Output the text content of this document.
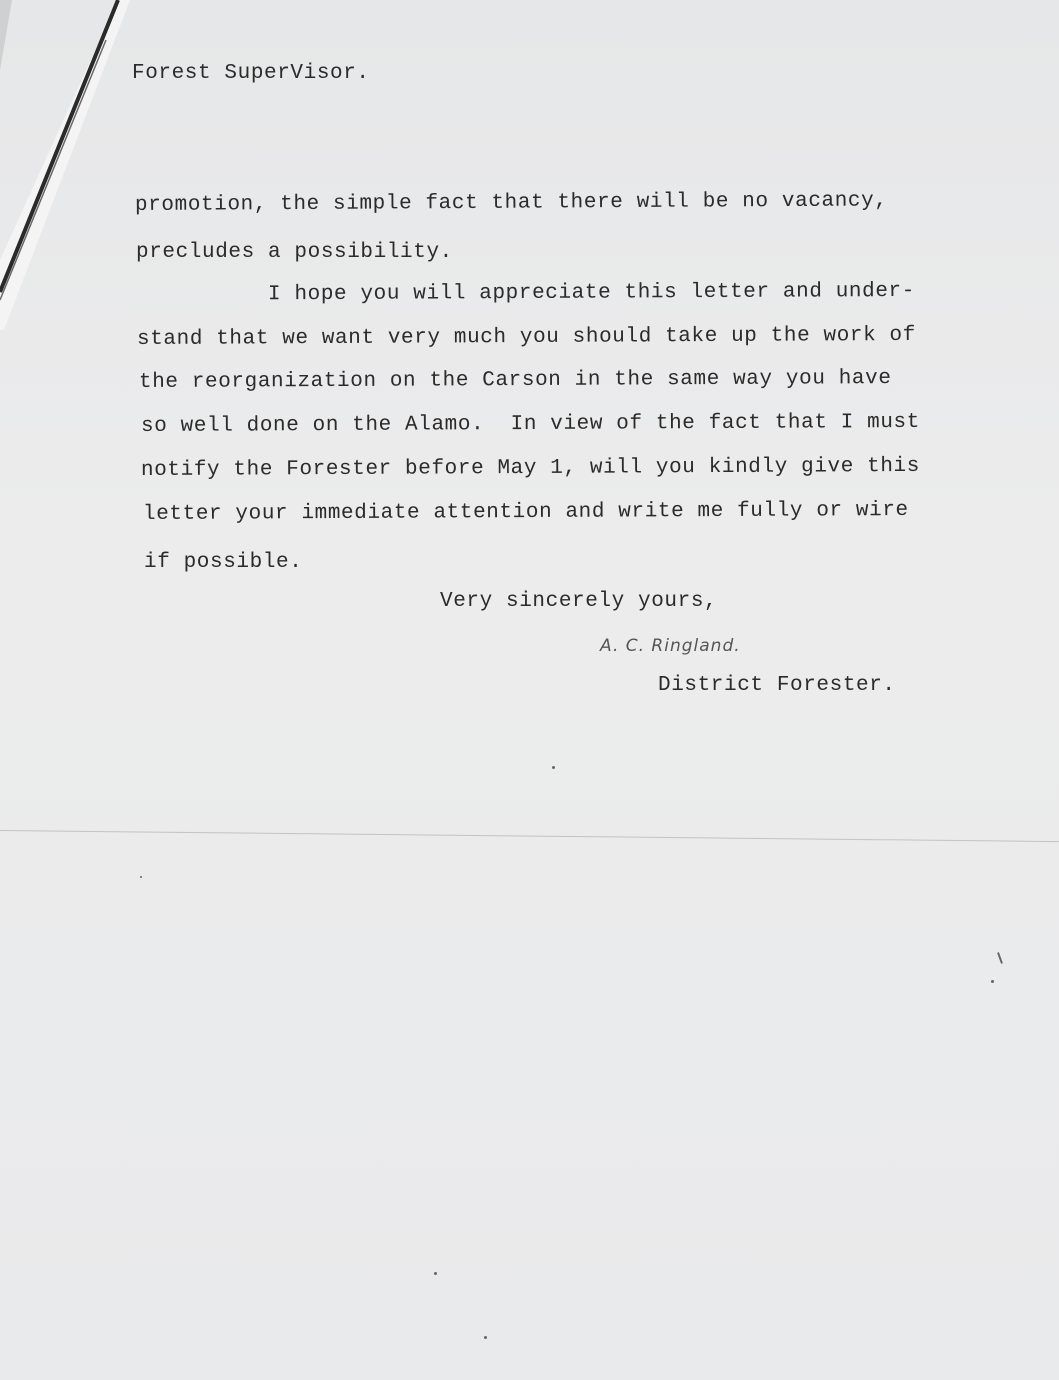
Forest SuperVisor.
promotion, the simple fact that there will be no vacancy,
precludes a possibility.
I hope you will appreciate this letter and under-
stand that we want very much you should take up the work of
the reorganization on the Carson in the same way you have
so well done on the Alamo.  In view of the fact that I must
notify the Forester before May 1, will you kindly give this
letter your immediate attention and write me fully or wire
if possible.
Very sincerely yours,
A. C. Ringland.
District Forester.
